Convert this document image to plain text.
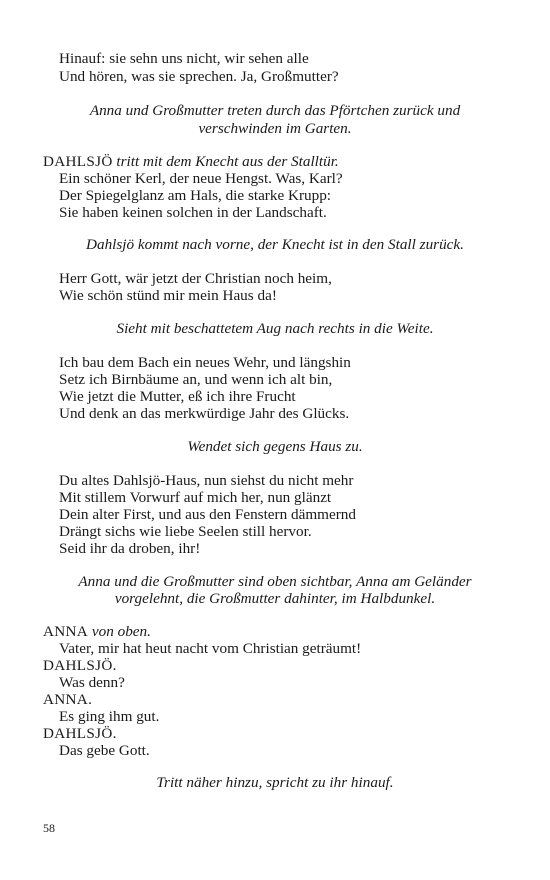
Hinauf: sie sehn uns nicht, wir sehen alle
Und hören, was sie sprechen. Ja, Großmutter?
Anna und Großmutter treten durch das Pförtchen zurück und
verschwinden im Garten.
DAHLSJÖ tritt mit dem Knecht aus der Stalltür.
Ein schöner Kerl, der neue Hengst. Was, Karl?
Der Spiegelglanz am Hals, die starke Krupp:
Sie haben keinen solchen in der Landschaft.
Dahlsjö kommt nach vorne, der Knecht ist in den Stall zurück.
Herr Gott, wär jetzt der Christian noch heim,
Wie schön stünd mir mein Haus da!
Sieht mit beschattetem Aug nach rechts in die Weite.
Ich bau dem Bach ein neues Wehr, und längshin
Setz ich Birnbäume an, und wenn ich alt bin,
Wie jetzt die Mutter, eß ich ihre Frucht
Und denk an das merkwürdige Jahr des Glücks.
Wendet sich gegens Haus zu.
Du altes Dahlsjö-Haus, nun siehst du nicht mehr
Mit stillem Vorwurf auf mich her, nun glänzt
Dein alter First, und aus den Fenstern dämmernd
Drängt sichs wie liebe Seelen still hervor.
Seid ihr da droben, ihr!
Anna und die Großmutter sind oben sichtbar, Anna am Geländer
vorgelehnt, die Großmutter dahinter, im Halbdunkel.
ANNA von oben.
Vater, mir hat heut nacht vom Christian geträumt!
DAHLSJÖ.
Was denn?
ANNA.
Es ging ihm gut.
DAHLSJÖ.
Das gebe Gott.
Tritt näher hinzu, spricht zu ihr hinauf.
58
